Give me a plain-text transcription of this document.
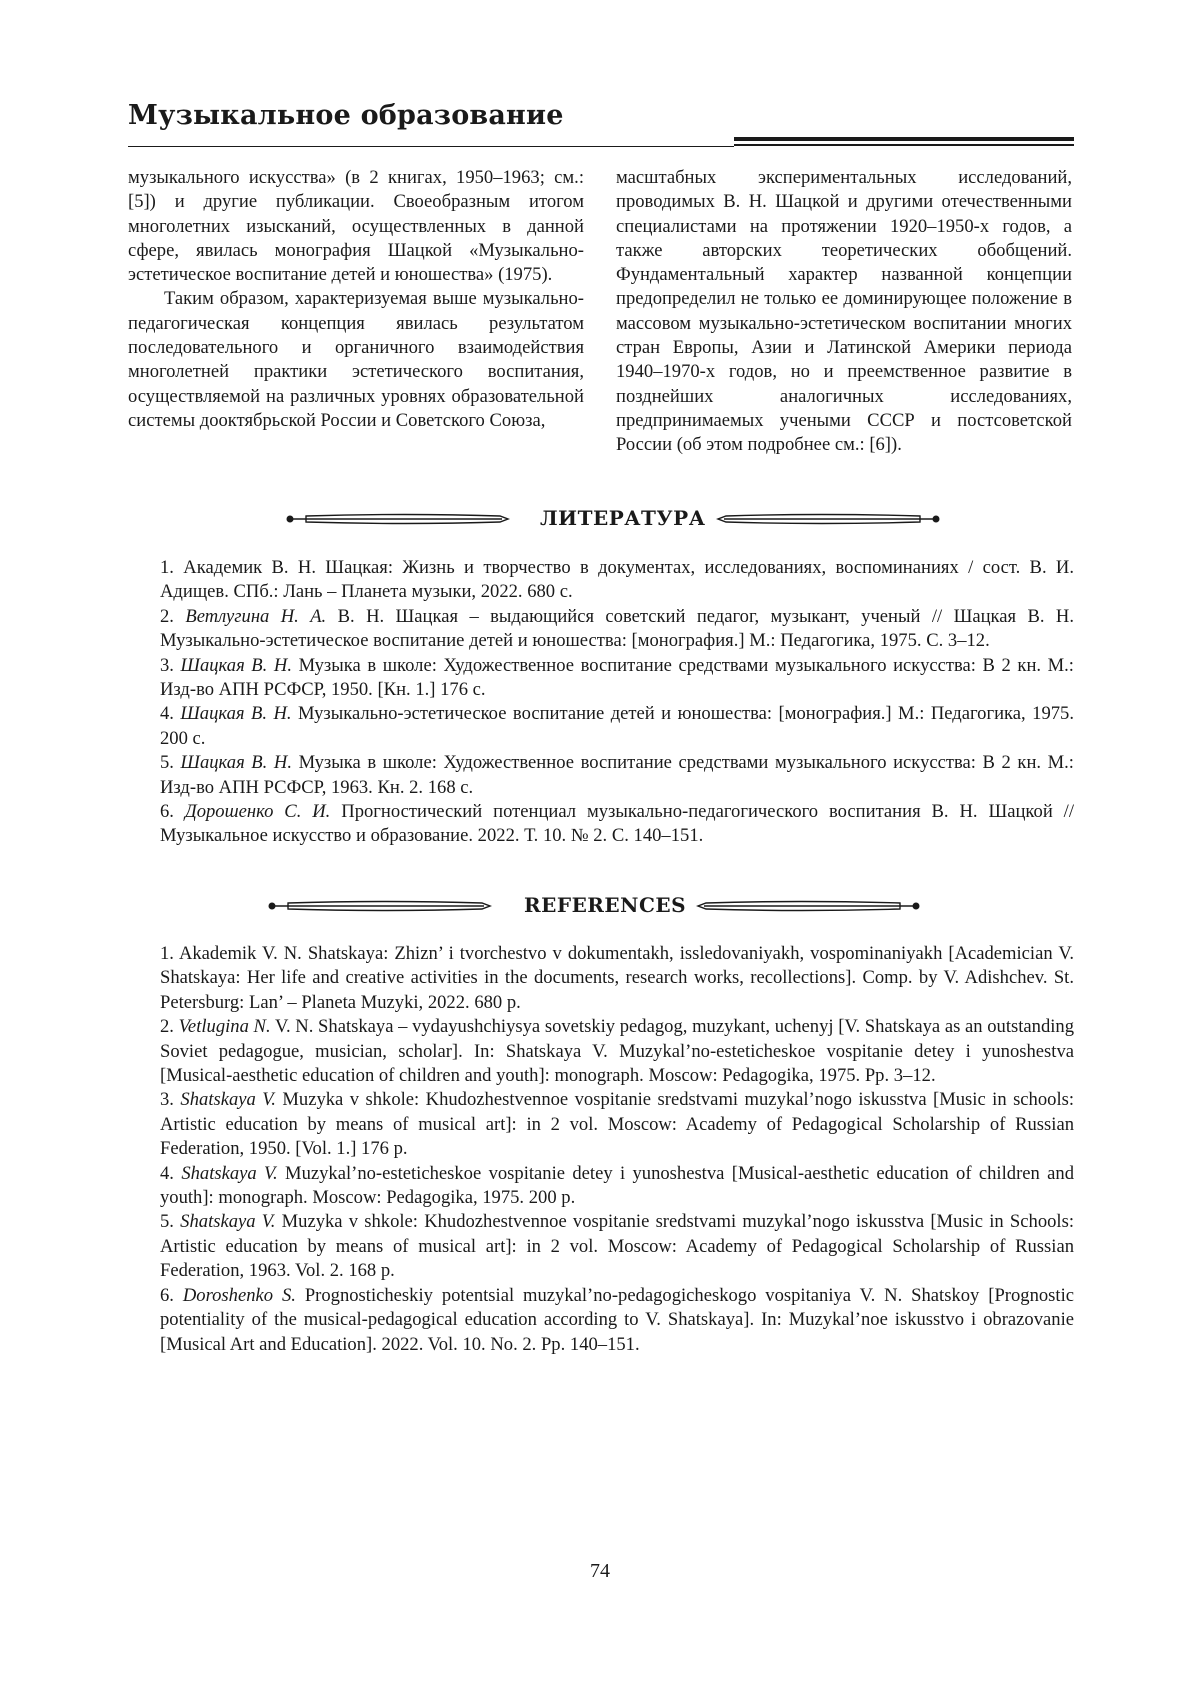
Музыкальное образование

музыкального искусства» (в 2 книгах, 1950–1963; см.: [5]) и другие публикации. Своеобразным итогом многолетних изысканий, осуществленных в данной сфере, явилась монография Шацкой «Музыкально-эстетическое воспитание детей и юношества» (1975).

Таким образом, характеризуемая выше музыкально-педагогическая концепция явилась результатом последовательного и органичного взаимодействия многолетней практики эстетического воспитания, осуществляемой на различных уровнях образовательной системы дооктябрьской России и Советского Союза,

масштабных экспериментальных исследований, проводимых В. Н. Шацкой и другими отечественными специалистами на протяжении 1920–1950-х годов, а также авторских теоретических обобщений. Фундаментальный характер названной концепции предопределил не только ее доминирующее положение в массовом музыкально-эстетическом воспитании многих стран Европы, Азии и Латинской Америки периода 1940–1970-х годов, но и преемственное развитие в позднейших аналогичных исследованиях, предпринимаемых учеными СССР и постсоветской России (об этом подробнее см.: [6]).

ЛИТЕРАТУРА

1. Академик В. Н. Шацкая: Жизнь и творчество в документах, исследованиях, воспоминаниях / сост. В. И. Адищев. СПб.: Лань – Планета музыки, 2022. 680 с.

2. Ветлугина Н. А. В. Н. Шацкая – выдающийся советский педагог, музыкант, ученый // Шацкая В. Н. Музыкально-эстетическое воспитание детей и юношества: [монография.] М.: Педагогика, 1975. С. 3–12.

3. Шацкая В. Н. Музыка в школе: Художественное воспитание средствами музыкального искусства: В 2 кн. М.: Изд-во АПН РСФСР, 1950. [Кн. 1.] 176 с.

4. Шацкая В. Н. Музыкально-эстетическое воспитание детей и юношества: [монография.] М.: Педагогика, 1975. 200 с.

5. Шацкая В. Н. Музыка в школе: Художественное воспитание средствами музыкального искусства: В 2 кн. М.: Изд-во АПН РСФСР, 1963. Кн. 2. 168 с.

6. Дорошенко С. И. Прогностический потенциал музыкально-педагогического воспитания В. Н. Шацкой // Музыкальное искусство и образование. 2022. Т. 10. № 2. С. 140–151.

REFERENCES

1. Akademik V. N. Shatskaya: Zhizn’ i tvorchestvo v dokumentakh, issledovaniyakh, vospominaniyakh [Academician V. Shatskaya: Her life and creative activities in the documents, research works, recollections]. Comp. by V. Adishchev. St. Petersburg: Lan’ – Planeta Muzyki, 2022. 680 p.

2. Vetlugina N. V. N. Shatskaya – vydayushchiysya sovetskiy pedagog, muzykant, uchenyj [V. Shatskaya as an outstanding Soviet pedagogue, musician, scholar]. In: Shatskaya V. Muzykal’no-esteticheskoe vospitanie detey i yunoshestva [Musical-aesthetic education of children and youth]: monograph. Moscow: Pedagogika, 1975. Pp. 3–12.

3. Shatskaya V. Muzyka v shkole: Khudozhestvennoe vospitanie sredstvami muzykal’nogo iskusstva [Music in schools: Artistic education by means of musical art]: in 2 vol. Moscow: Academy of Pedagogical Scholarship of Russian Federation, 1950. [Vol. 1.] 176 p.

4. Shatskaya V. Muzykal’no-esteticheskoe vospitanie detey i yunoshestva [Musical-aesthetic education of children and youth]: monograph. Moscow: Pedagogika, 1975. 200 p.

5. Shatskaya V. Muzyka v shkole: Khudozhestvennoe vospitanie sredstvami muzykal’nogo iskusstva [Music in Schools: Artistic education by means of musical art]: in 2 vol. Moscow: Academy of Pedagogical Scholarship of Russian Federation, 1963. Vol. 2. 168 p.

6. Doroshenko S. Prognosticheskiy potentsial muzykal’no-pedagogicheskogo vospitaniya V. N. Shatskoy [Prognostic potentiality of the musical-pedagogical education according to V. Shatskaya]. In: Muzykal’noe iskusstvo i obrazovanie [Musical Art and Education]. 2022. Vol. 10. No. 2. Pp. 140–151.

74
